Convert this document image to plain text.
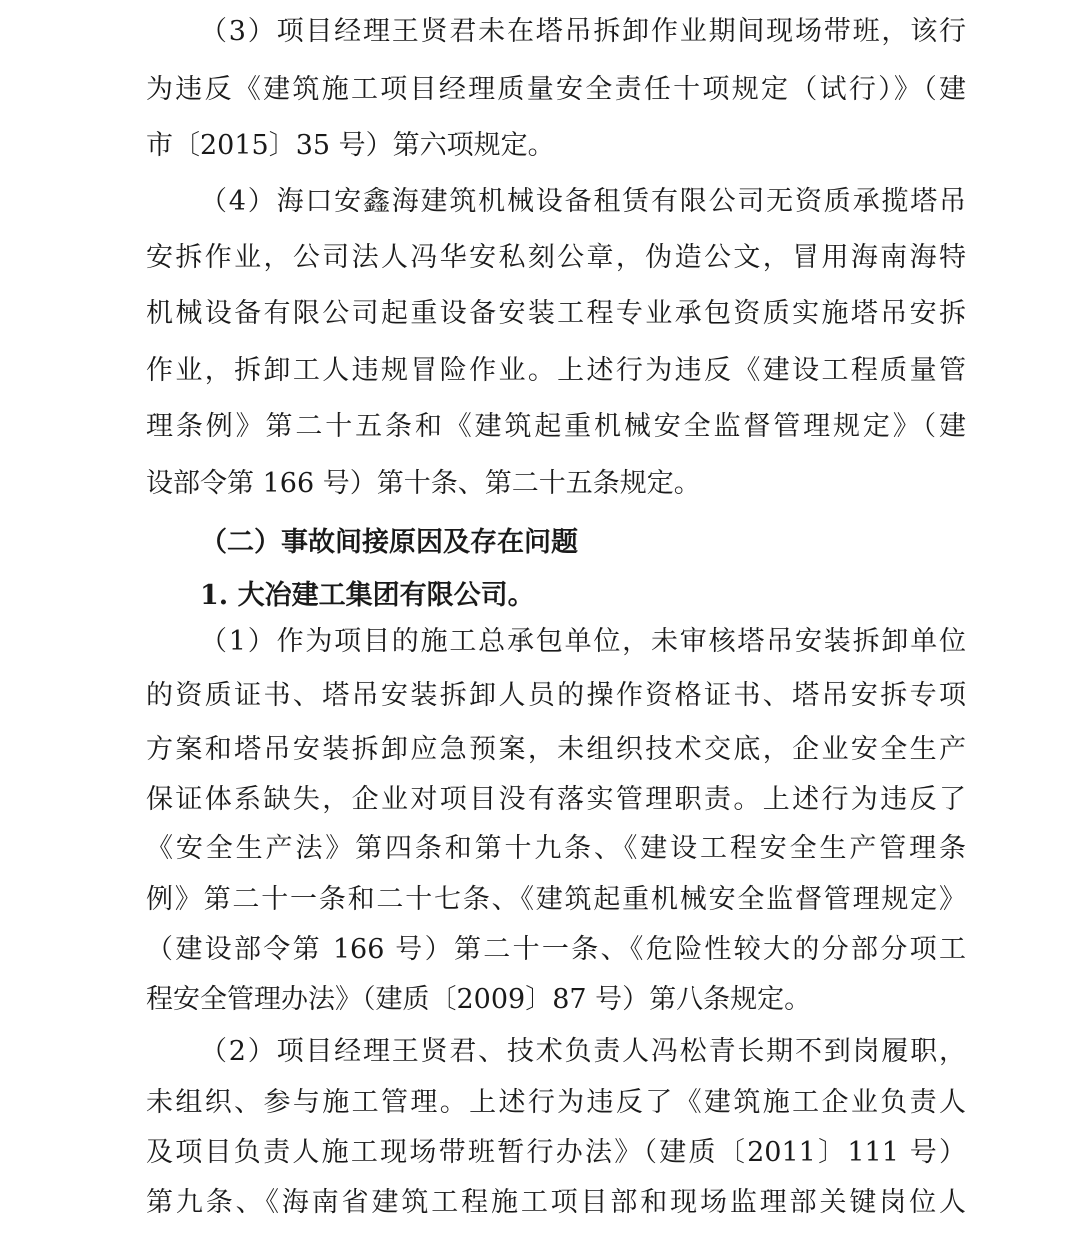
（3）项目经理王贤君未在塔吊拆卸作业期间现场带班，该行
为违反《建筑施工项目经理质量安全责任十项规定（试行）》（建
市〔2015〕35 号）第六项规定。
（4）海口安鑫海建筑机械设备租赁有限公司无资质承揽塔吊
安拆作业，公司法人冯华安私刻公章，伪造公文，冒用海南海特
机械设备有限公司起重设备安装工程专业承包资质实施塔吊安拆
作业，拆卸工人违规冒险作业。上述行为违反《建设工程质量管
理条例》第二十五条和《建筑起重机械安全监督管理规定》（建
设部令第 166 号）第十条、第二十五条规定。
（二）事故间接原因及存在问题
1. 大冶建工集团有限公司。
（1）作为项目的施工总承包单位，未审核塔吊安装拆卸单位
的资质证书、塔吊安装拆卸人员的操作资格证书、塔吊安拆专项
方案和塔吊安装拆卸应急预案，未组织技术交底，企业安全生产
保证体系缺失，企业对项目没有落实管理职责。上述行为违反了
《安全生产法》第四条和第十九条、《建设工程安全生产管理条
例》第二十一条和二十七条、《建筑起重机械安全监督管理规定》
（建设部令第 166 号）第二十一条、《危险性较大的分部分项工
程安全管理办法》（建质〔2009〕87 号）第八条规定。
（2）项目经理王贤君、技术负责人冯松青长期不到岗履职，
未组织、参与施工管理。上述行为违反了《建筑施工企业负责人
及项目负责人施工现场带班暂行办法》（建质〔2011〕111 号）
第九条、《海南省建筑工程施工项目部和现场监理部关键岗位人
